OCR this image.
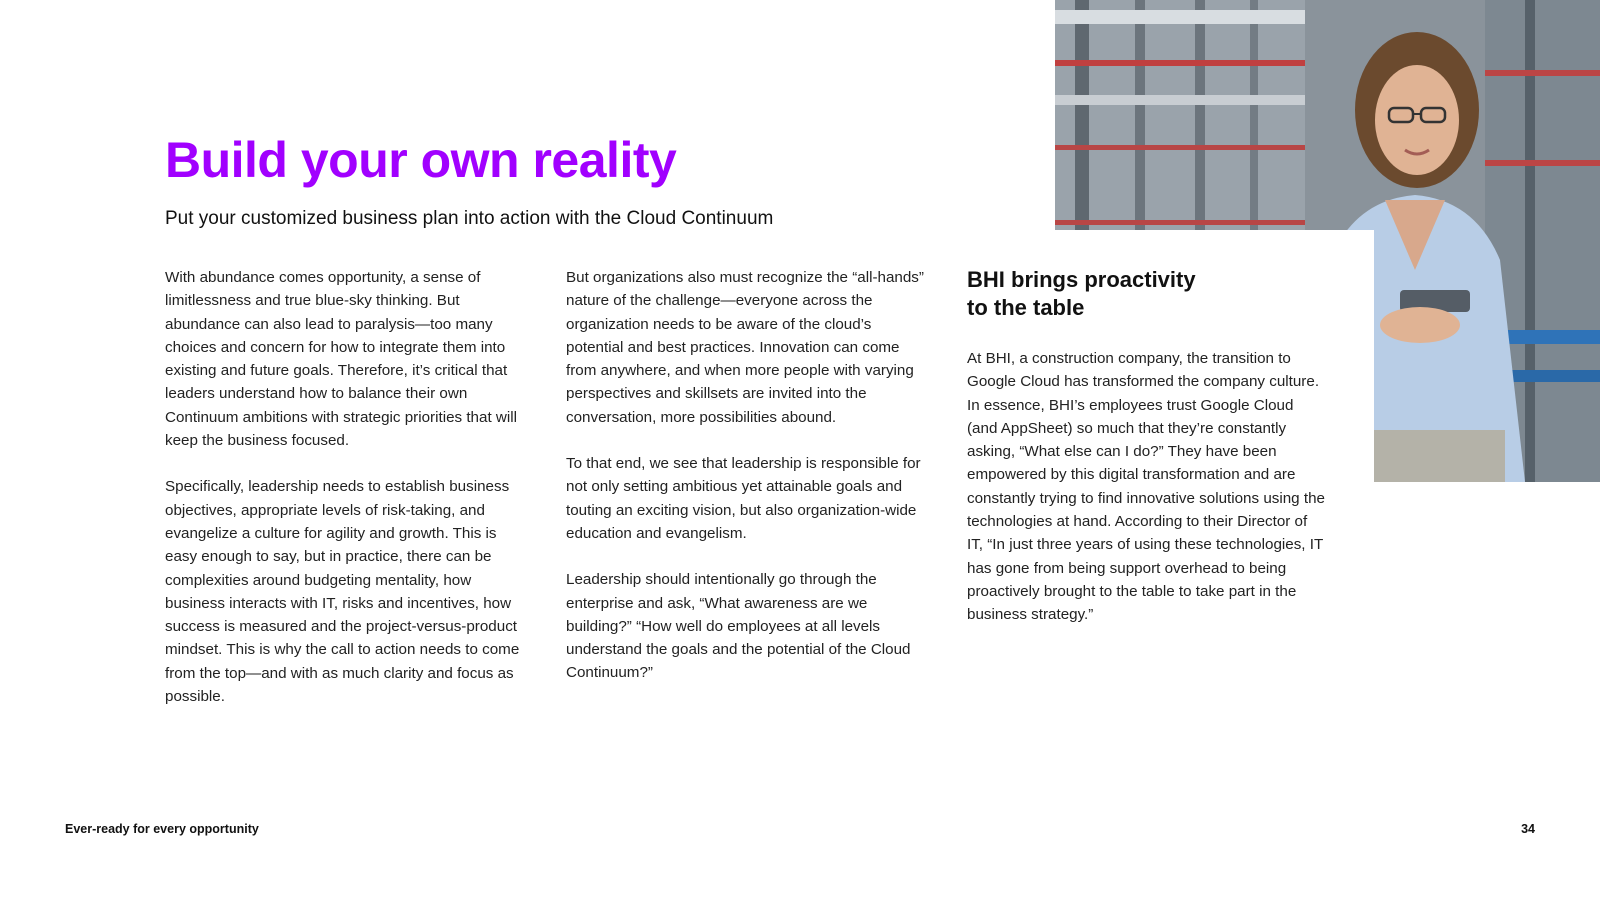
Build your own reality
Put your customized business plan into action with the Cloud Continuum

With abundance comes opportunity, a sense of limitlessness and true blue-sky thinking. But abundance can also lead to paralysis—too many choices and concern for how to integrate them into existing and future goals. Therefore, it’s critical that leaders understand how to balance their own Continuum ambitions with strategic priorities that will keep the business focused.

Specifically, leadership needs to establish business objectives, appropriate levels of risk-taking, and evangelize a culture for agility and growth. This is easy enough to say, but in practice, there can be complexities around budgeting mentality, how business interacts with IT, risks and incentives, how success is measured and the project-versus-product mindset. This is why the call to action needs to come from the top—and with as much clarity and focus as possible.

But organizations also must recognize the “all-hands” nature of the challenge—everyone across the organization needs to be aware of the cloud’s potential and best practices. Innovation can come from anywhere, and when more people with varying perspectives and skillsets are invited into the conversation, more possibilities abound.

To that end, we see that leadership is responsible for not only setting ambitious yet attainable goals and touting an exciting vision, but also organization-wide education and evangelism.

Leadership should intentionally go through the enterprise and ask, “What awareness are we building?” “How well do employees at all levels understand the goals and the potential of the Cloud Continuum?”

BHI brings proactivity
to the table

At BHI, a construction company, the transition to Google Cloud has transformed the company culture. In essence, BHI’s employees trust Google Cloud (and AppSheet) so much that they’re constantly asking, “What else can I do?” They have been empowered by this digital transformation and are constantly trying to find innovative solutions using the technologies at hand. According to their Director of IT, “In just three years of using these technologies, IT has gone from being support overhead to being proactively brought to the table to take part in the business strategy.”

Ever-ready for every opportunity	34
